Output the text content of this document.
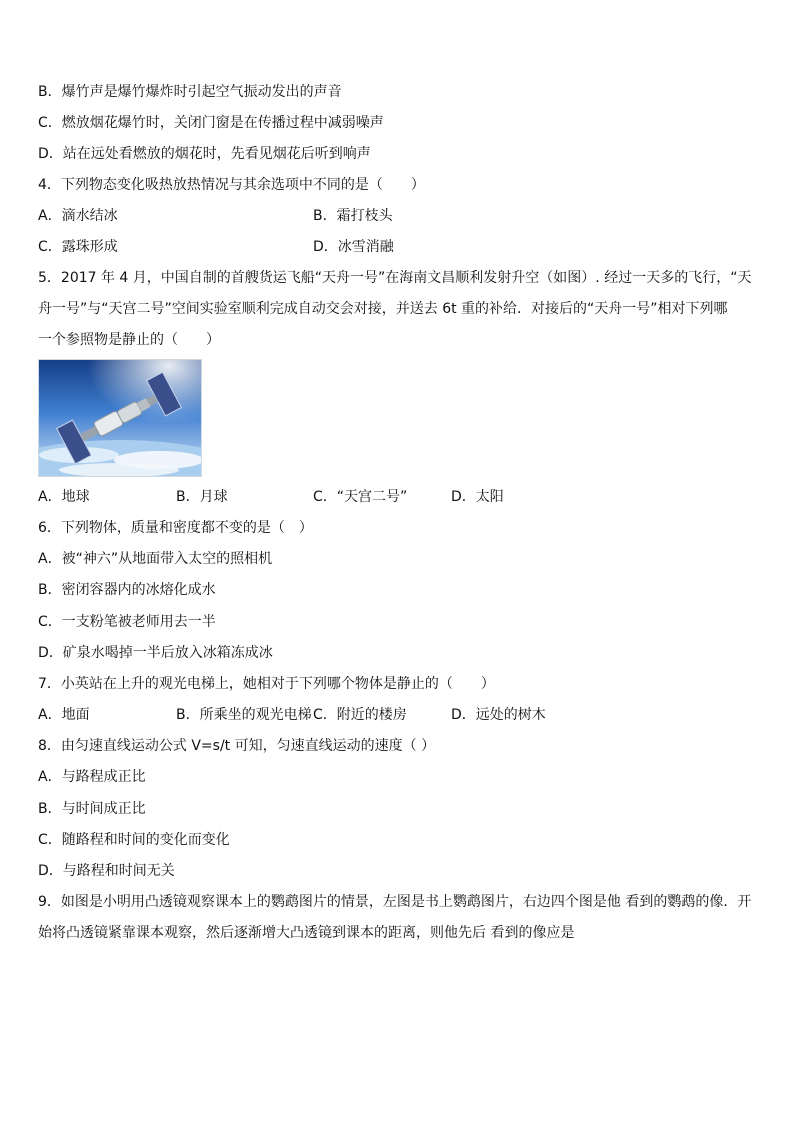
B．爆竹声是爆竹爆炸时引起空气振动发出的声音
C．燃放烟花爆竹时，关闭门窗是在传播过程中减弱噪声
D．站在远处看燃放的烟花时，先看见烟花后听到响声
4．下列物态变化吸热放热情况与其余选项中不同的是（　　）
A．滴水结冰	B．霜打枝头
C．露珠形成	D．冰雪消融
5．2017 年 4 月，中国自制的首艘货运飞船“天舟一号”在海南文昌顺利发射升空（如图）. 经过一天多的飞行，“天
舟一号”与“天宫二号”空间实验室顺利完成自动交会对接，并送去 6t 重的补给．对接后的“天舟一号”相对下列哪
一个参照物是静止的（　　）
A．地球	B．月球	C．“天宫二号”	D．太阳
6．下列物体，质量和密度都不变的是（　）
A．被“神六”从地面带入太空的照相机
B．密闭容器内的冰熔化成水
C．一支粉笔被老师用去一半
D．矿泉水喝掉一半后放入冰箱冻成冰
7．小英站在上升的观光电梯上，她相对于下列哪个物体是静止的（　　）
A．地面	B．所乘坐的观光电梯 C．附近的楼房	D．远处的树木
8．由匀速直线运动公式 V=s/t 可知，匀速直线运动的速度（ ）
A．与路程成正比
B．与时间成正比
C．随路程和时间的变化而变化
D．与路程和时间无关
9．如图是小明用凸透镜观察课本上的鹦鹉图片的情景，左图是书上鹦鹉图片，右边四个图是他 看到的鹦鹉的像．开
始将凸透镜紧靠课本观察，然后逐渐增大凸透镜到课本的距离，则他先后 看到的像应是
